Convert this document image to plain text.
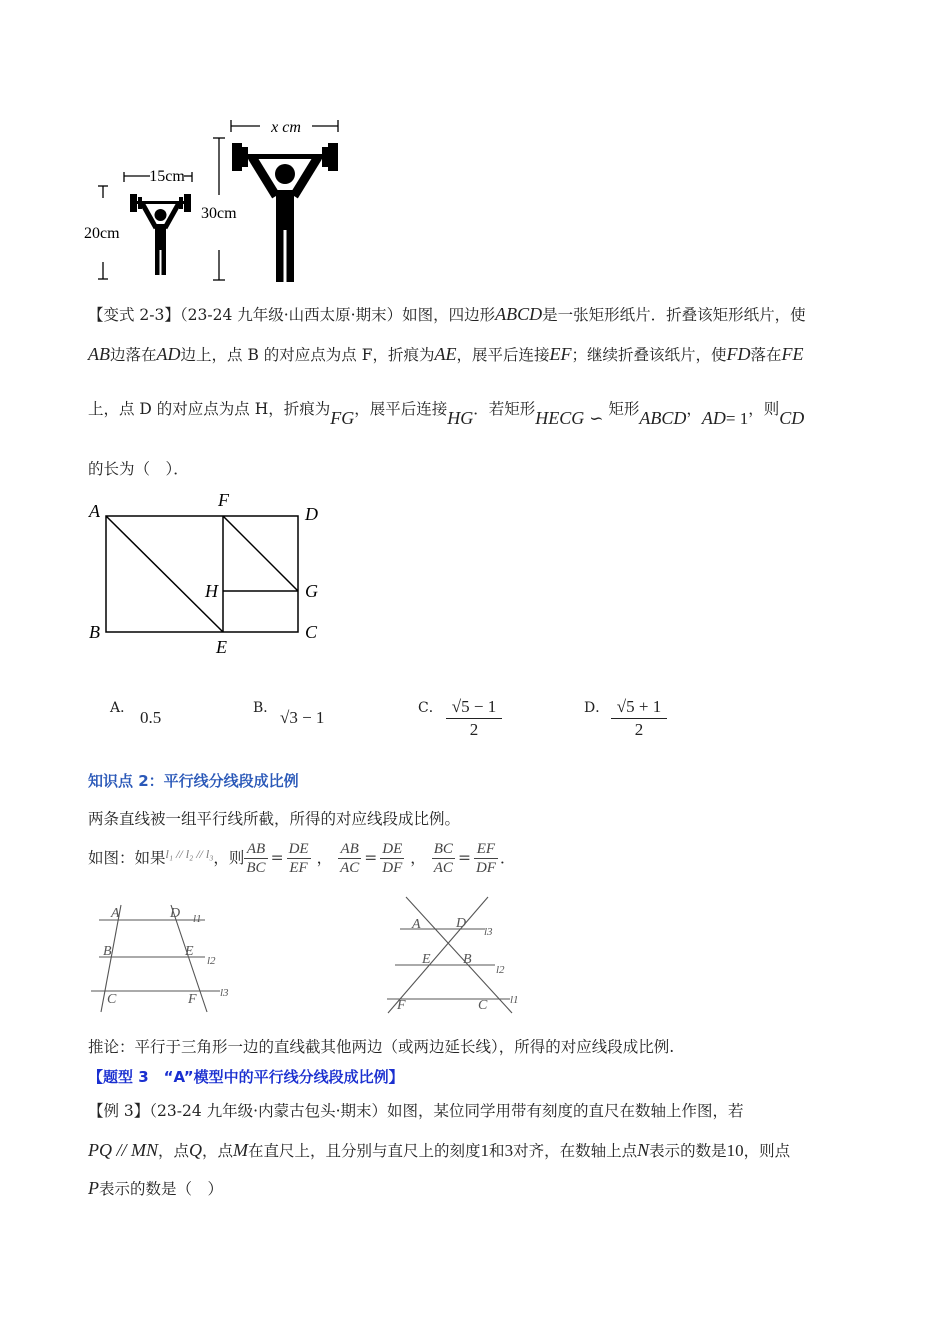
15cm
x cm
20cm
30cm
【变式 2-3】（23-24 九年级·山西太原·期末）如图，四边形ABCD是一张矩形纸片．折叠该矩形纸片，使
AB边落在AD边上，点 B 的对应点为点 F，折痕为AE，展平后连接EF；继续折叠该纸片，使FD落在FE
上，点 D 的对应点为点 H，折痕为FG，展平后连接HG．若矩形HECG ∽ 矩形ABCD，AD= 1，则CD
的长为（　）．
A
F
D
H	G
B
E
C
A． 0.5	B． √3 − 1	C． $\frac{√5 - 1}{2}$	D． $\frac{√5 + 1}{2}$
知识点 2：平行线分线段成比例
两条直线被一组平行线所截，所得的对应线段成比例。
如图：如果 l₁ // l₂ // l₃ ，则 $\frac{AB}{BC} = \frac{DE}{EF}$ ， $\frac{AB}{AC} = \frac{DE}{DF}$ ， $\frac{BC}{AC} = \frac{EF}{DF}$ ．
A	D l1
B	E
l2
C	F l3
A	D
l3
E B
l2
F	C l1
推论：平行于三角形一边的直线截其他两边（或两边延长线），所得的对应线段成比例.
【题型 3　“A”模型中的平行线分线段成比例】
【例 3】（23-24 九年级·内蒙古包头·期末）如图，某位同学用带有刻度的直尺在数轴上作图，若
PQ // MN，点Q，点M在直尺上，且分别与直尺上的刻度1和3对齐，在数轴上点N表示的数是10，则点
P表示的数是（　）
